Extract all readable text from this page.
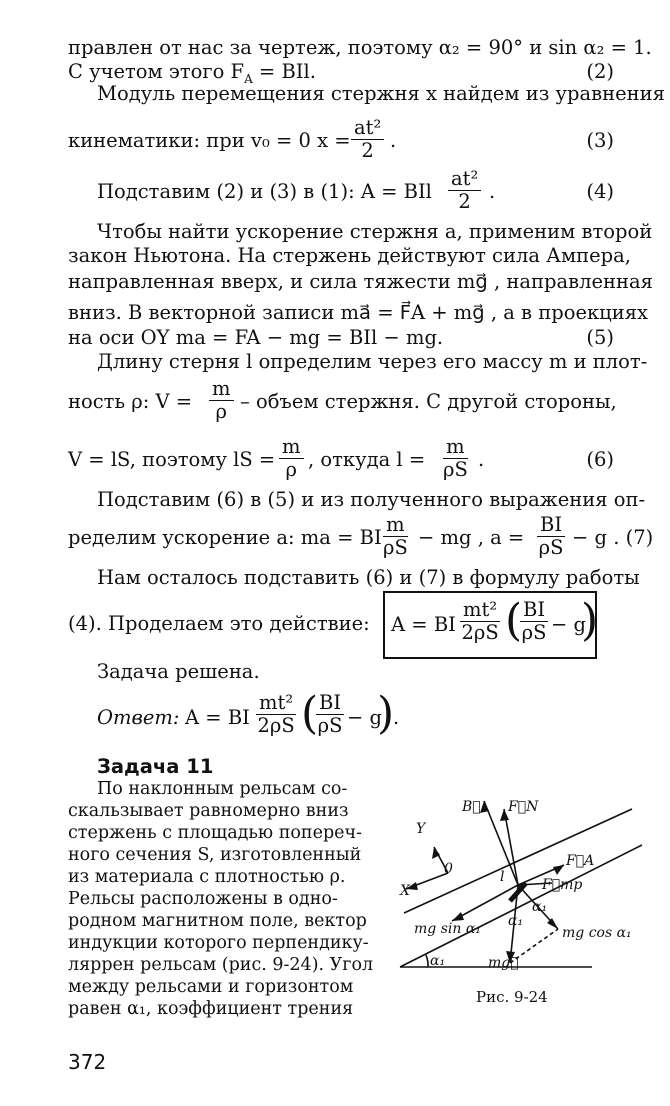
правлен от нас за чертеж, поэтому α₂ = 90° и sin α₂ = 1.
С учетом этого $F_A$ = BIl.	(2)
Модуль перемещения стержня x найдем из уравнения
кинематики: при v₀ = 0 $x = \frac{\text{at²}}{2}$ .	(3)
Подставим (2) и (3) в (1): A = BIl $\frac{\text{at²}}{2}$ .	(4)
Чтобы найти ускорение стержня a, применим второй
закон Ньютона. На стержень действуют сила Ампера,
направленная вверх, и сила тяжести mg⃗ , направленная
вниз. В векторной записи ma⃗ = F⃗A + mg⃗ , а в проекциях
на оси OY ma = FA − mg = BIl − mg.	(5)
Длину стерня l определим через его массу m и плот-
ность ρ: $V = \frac{m}{\rho}$ – объем стержня. С другой стороны,
V = lS, поэтому lS = $\frac{m}{\rho}$ , откуда $l = \frac{m}{\rho S}$ .	(6)
Подставим (6) в (5) и из полученного выражения оп-
ределим ускорение a: ma = BI $\frac{m}{\rho S}$ − mg , $a = \frac{BI}{\rho S} - g$ . (7)
Нам осталось подставить (6) и (7) в формулу работы
(4). Проделаем это действие:	A = BI $\frac{\text{mt²}}{2\rho S}$ (
$\frac{BI}{\rho S} - g$
)
Задача решена.
Ответ: A = BI $\frac{\text{mt²}}{2\rho S}$ (
$\frac{BI}{\rho S} - g$
)
.
Задача 11
По наклонным рельсам со-
скальзывает равномерно вниз
стержень с площадью попереч-
ного сечения S, изготовленный
из материала с плотностью ρ.
Рельсы расположены в одно-
родном магнитном поле, вектор
индукции которого перпендику-
ляррен рельсам (рис. 9-24). Угол
между рельсами и горизонтом
равен α₁, коэффициент трения
B⃗ F⃗N
F⃗A
F⃗тр
Y
X
0	l
mg sin α₁	mg cos α₁
mg⃗
α₁
α₁
α₁
Рис. 9-24
372
